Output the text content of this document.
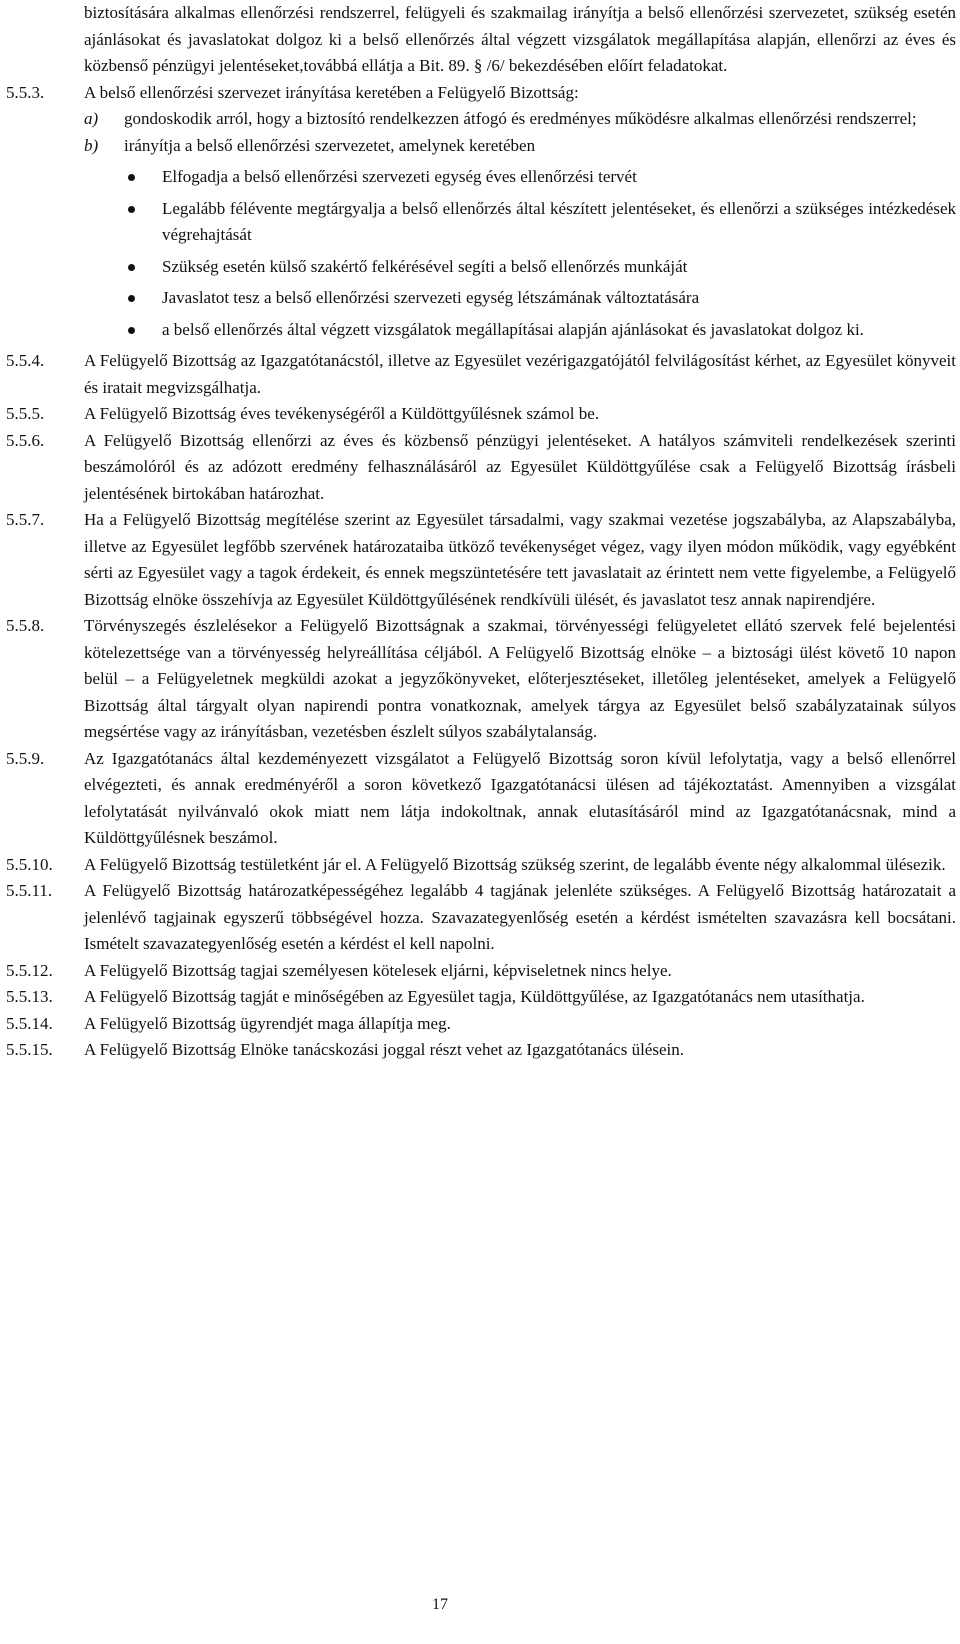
biztosítására alkalmas ellenőrzési rendszerrel, felügyeli és szakmailag irányítja a belső ellenőrzési szervezetet, szükség esetén ajánlásokat és javaslatokat dolgoz ki a belső ellenőrzés által végzett vizsgálatok megállapítása alapján, ellenőrzi az éves és közbenső pénzügyi jelentéseket,továbbá ellátja a Bit. 89. § /6/ bekezdésében előírt feladatokat.
5.5.3.	A belső ellenőrzési szervezet irányítása keretében a Felügyelő Bizottság:
a)	gondoskodik arról, hogy a biztosító rendelkezzen átfogó és eredményes működésre alkalmas ellenőrzési rendszerrel;
b)	irányítja a belső ellenőrzési szervezetet, amelynek keretében
Elfogadja a belső ellenőrzési szervezeti egység éves ellenőrzési tervét
Legalább félévente megtárgyalja a belső ellenőrzés által készített jelentéseket, és ellenőrzi a szükséges intézkedések végrehajtását
Szükség esetén külső szakértő felkérésével segíti a belső ellenőrzés munkáját
Javaslatot tesz a belső ellenőrzési szervezeti egység létszámának változtatására
a belső ellenőrzés által végzett vizsgálatok megállapításai alapján ajánlásokat és javaslatokat dolgoz ki.
5.5.4.	A Felügyelő Bizottság az Igazgatótanácstól, illetve az Egyesület vezérigazgatójától felvilágosítást kérhet, az Egyesület könyveit és iratait megvizsgálhatja.
5.5.5.	A Felügyelő Bizottság éves tevékenységéről a Küldöttgyűlésnek számol be.
5.5.6.	A Felügyelő Bizottság ellenőrzi az éves és közbenső pénzügyi jelentéseket. A hatályos számviteli rendelkezések szerinti beszámolóról és az adózott eredmény felhasználásáról az Egyesület Küldöttgyűlése csak a Felügyelő Bizottság írásbeli jelentésének birtokában határozhat.
5.5.7.	Ha a Felügyelő Bizottság megítélése szerint az Egyesület társadalmi, vagy szakmai vezetése jogszabályba, az Alapszabályba, illetve az Egyesület legfőbb szervének határozataiba ütköző tevékenységet végez, vagy ilyen módon működik, vagy egyébként sérti az Egyesület vagy a tagok érdekeit, és ennek megszüntetésére tett javaslatait az érintett nem vette figyelembe, a Felügyelő Bizottság elnöke összehívja az Egyesület Küldöttgyűlésének rendkívüli ülését, és javaslatot tesz annak napirendjére.
5.5.8.	Törvényszegés észlelésekor a Felügyelő Bizottságnak a szakmai, törvényességi felügyeletet ellátó szervek felé bejelentési kötelezettsége van a törvényesség helyreállítása céljából. A Felügyelő Bizottság elnöke – a biztosági ülést követő 10 napon belül – a Felügyeletnek megküldi azokat a jegyzőkönyveket, előterjesztéseket, illetőleg jelentéseket, amelyek a Felügyelő Bizottság által tárgyalt olyan napirendi pontra vonatkoznak, amelyek tárgya az Egyesület belső szabályzatainak súlyos megsértése vagy az irányításban, vezetésben észlelt súlyos szabálytalanság.
5.5.9.	Az Igazgatótanács által kezdeményezett vizsgálatot a Felügyelő Bizottság soron kívül lefolytatja, vagy a belső ellenőrrel elvégezteti, és annak eredményéről a soron következő Igazgatótanácsi ülésen ad tájékoztatást. Amennyiben a vizsgálat lefolytatását nyilvánvaló okok miatt nem látja indokoltnak, annak elutasításáról mind az Igazgatótanácsnak, mind a Küldöttgyűlésnek beszámol.
5.5.10.	A Felügyelő Bizottság testületként jár el. A Felügyelő Bizottság szükség szerint, de legalább évente négy alkalommal ülésezik.
5.5.11.	A Felügyelő Bizottság határozatképességéhez legalább 4 tagjának jelenléte szükséges. A Felügyelő Bizottság határozatait a jelenlévő tagjainak egyszerű többségével hozza. Szavazategyenlőség esetén a kérdést ismételten szavazásra kell bocsátani. Ismételt szavazategyenlőség esetén a kérdést el kell napolni.
5.5.12.	A Felügyelő Bizottság tagjai személyesen kötelesek eljárni, képviseletnek nincs helye.
5.5.13.	A Felügyelő Bizottság tagját e minőségében az Egyesület tagja, Küldöttgyűlése, az Igazgatótanács nem utasíthatja.
5.5.14.	A Felügyelő Bizottság ügyrendjét maga állapítja meg.
5.5.15.	A Felügyelő Bizottság Elnöke tanácskozási joggal részt vehet az Igazgatótanács ülésein.
17
